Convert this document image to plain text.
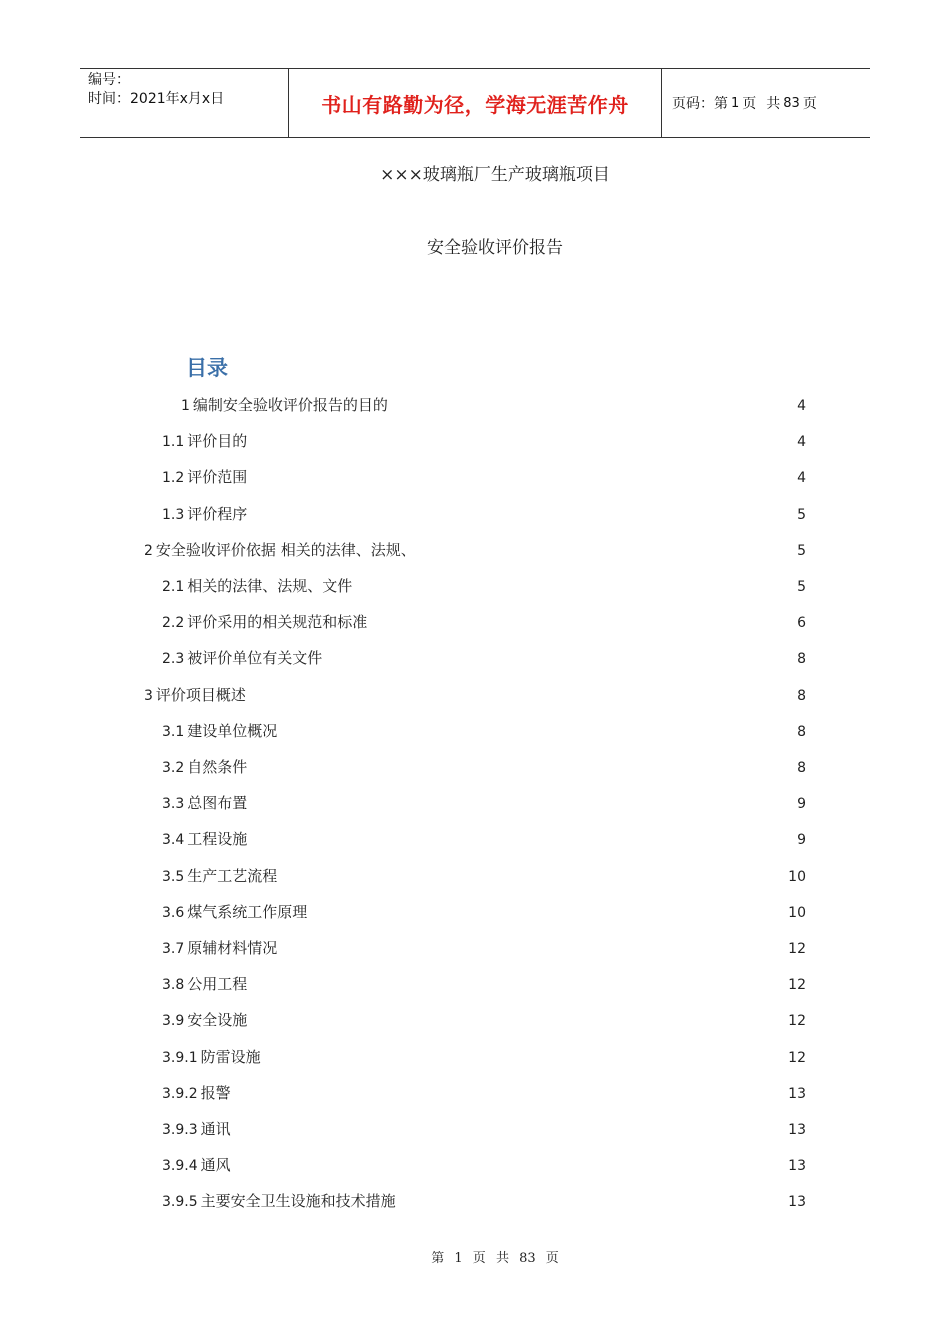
编号：
时间：2021年x月x日	书山有路勤为径，学海无涯苦作舟	页码：第 1 页 共 83 页
×××玻璃瓶厂生产玻璃瓶项目
安全验收评价报告
目录
1 编制安全验收评价报告的目的	4
1.1 评价目的	4
1.2 评价范围	4
1.3 评价程序	5
2 安全验收评价依据 相关的法律、法规、	5
2.1 相关的法律、法规、文件	5
2.2 评价采用的相关规范和标准	6
2.3 被评价单位有关文件	8
3 评价项目概述	8
3.1 建设单位概况	8
3.2 自然条件	8
3.3 总图布置	9
3.4 工程设施	9
3.5 生产工艺流程	10
3.6 煤气系统工作原理	10
3.7 原辅材料情况	12
3.8 公用工程	12
3.9 安全设施	12
3.9.1 防雷设施	12
3.9.2 报警	13
3.9.3 通讯	13
3.9.4 通风	13
3.9.5 主要安全卫生设施和技术措施	13
第 1 页 共 83 页
